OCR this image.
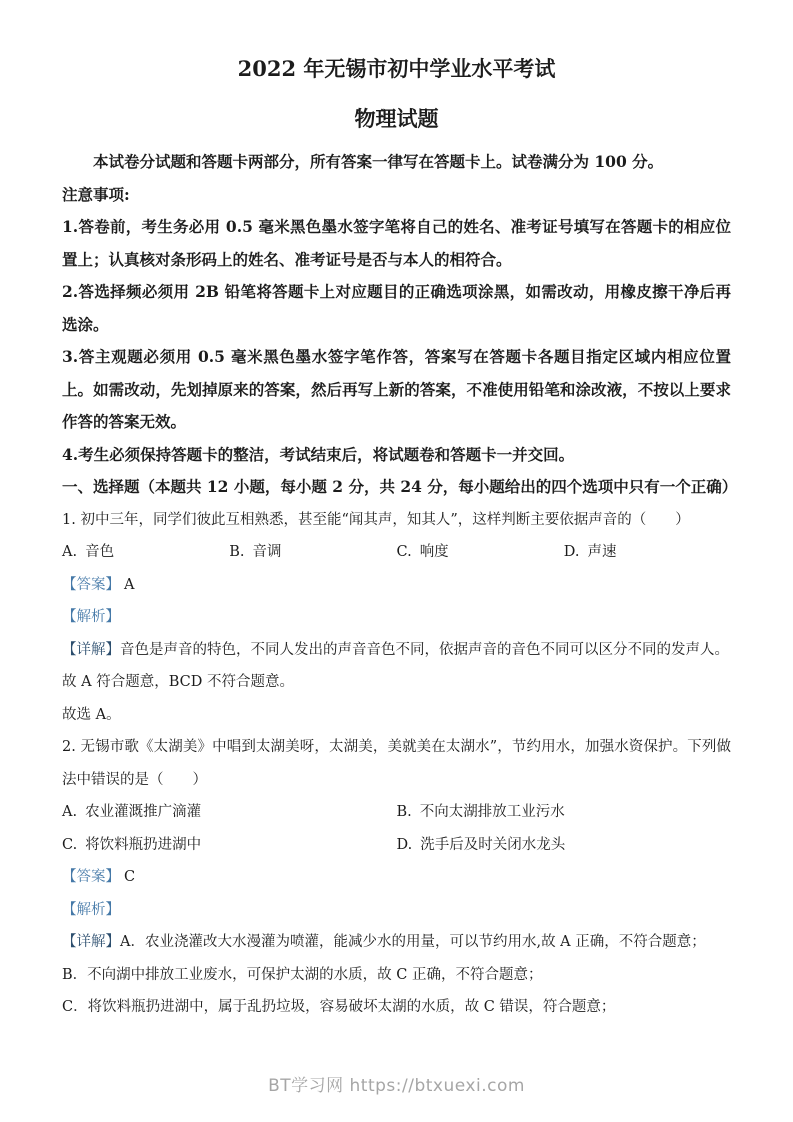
2022 年无锡市初中学业水平考试
物理试题
本试卷分试题和答题卡两部分，所有答案一律写在答题卡上。试卷满分为 100 分。
注意事项:
1.答卷前，考生务必用 0.5 毫米黑色墨水签字笔将自己的姓名、准考证号填写在答题卡的相应位置上；认真核对条形码上的姓名、准考证号是否与本人的相符合。
2.答选择频必须用 2B 铅笔将答题卡上对应题目的正确选项涂黑，如需改动，用橡皮擦干净后再选涂。
3.答主观题必须用 0.5 毫米黑色墨水签字笔作答，答案写在答题卡各题目指定区域内相应位置上。如需改动，先划掉原来的答案，然后再写上新的答案，不准使用铅笔和涂改液，不按以上要求作答的答案无效。
4.考生必须保持答题卡的整洁，考试结束后，将试题卷和答题卡一并交回。
一、选择题（本题共 12 小题，每小题 2 分，共 24 分，每小题给出的四个选项中只有一个正确）
1. 初中三年，同学们彼此互相熟悉，甚至能“闻其声，知其人”，这样判断主要依据声音的（　　）
A. 音色	B. 音调	C. 响度	D. 声速
【答案】 A
【解析】
【详解】音色是声音的特色，不同人发出的声音音色不同，依据声音的音色不同可以区分不同的发声人。
故 A 符合题意，BCD 不符合题意。
故选 A。
2. 无锡市歌《太湖美》中唱到太湖美呀，太湖美，美就美在太湖水”，节约用水，加强水资保护。下列做法中错误的是（　　）
A. 农业灌溉推广滴灌	B. 不向太湖排放工业污水
C. 将饮料瓶扔进湖中	D. 洗手后及时关闭水龙头
【答案】 C
【解析】
【详解】A．农业浇灌改大水漫灌为喷灌，能减少水的用量，可以节约用水,故 A 正确，不符合题意；
B．不向湖中排放工业废水，可保护太湖的水质，故 C 正确，不符合题意；
C．将饮料瓶扔进湖中，属于乱扔垃圾，容易破坏太湖的水质，故 C 错误，符合题意；
BT学习网 https://btxuexi.com
